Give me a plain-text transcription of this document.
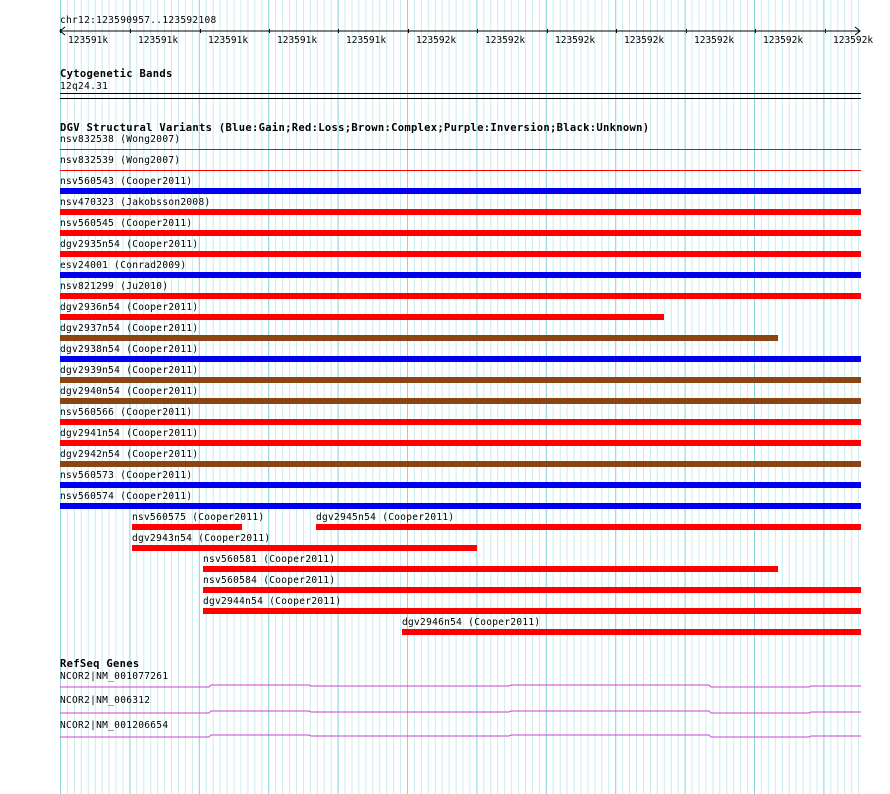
chr12:123590957..123592108
123591k	123591k	123591k	123591k	123591k	123592k	123592k	123592k	123592k	123592k	123592k	123592k
Cytogenetic Bands
12q24.31
DGV Structural Variants (Blue:Gain;Red:Loss;Brown:Complex;Purple:Inversion;Black:Unknown)
nsv832538 (Wong2007)
nsv832539 (Wong2007)
nsv560543 (Cooper2011)
nsv470323 (Jakobsson2008)
nsv560545 (Cooper2011)
dgv2935n54 (Cooper2011)
esv24001 (Conrad2009)
nsv821299 (Ju2010)
dgv2936n54 (Cooper2011)
dgv2937n54 (Cooper2011)
dgv2938n54 (Cooper2011)
dgv2939n54 (Cooper2011)
dgv2940n54 (Cooper2011)
nsv560566 (Cooper2011)
dgv2941n54 (Cooper2011)
dgv2942n54 (Cooper2011)
nsv560573 (Cooper2011)
nsv560574 (Cooper2011)
nsv560575 (Cooper2011)	dgv2945n54 (Cooper2011)
dgv2943n54 (Cooper2011)
nsv560581 (Cooper2011)
nsv560584 (Cooper2011)
dgv2944n54 (Cooper2011)
dgv2946n54 (Cooper2011)
RefSeq Genes
NCOR2|NM_001077261
NCOR2|NM_006312
NCOR2|NM_001206654
